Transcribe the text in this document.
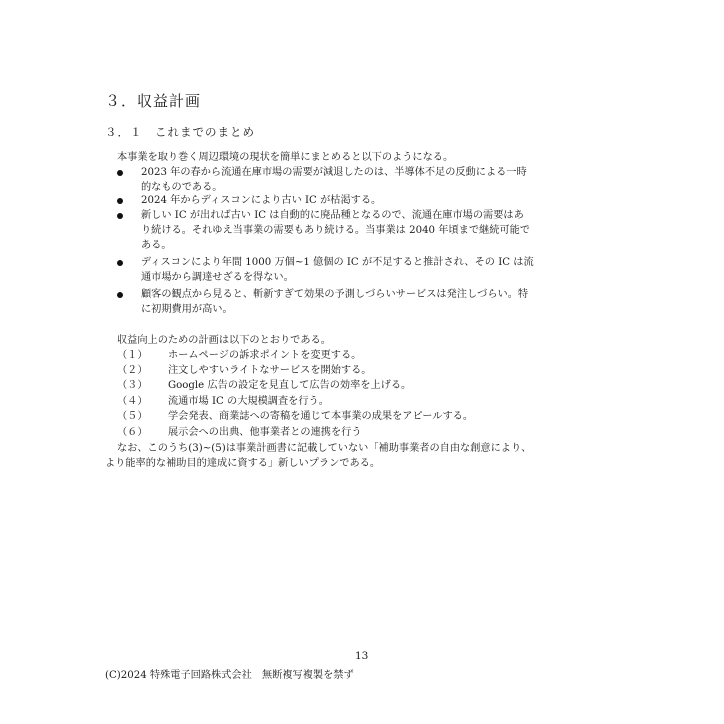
３．収益計画
３．１　これまでのまとめ
本事業を取り巻く周辺環境の現状を簡単にまとめると以下のようになる。
2023 年の春から流通在庫市場の需要が減退したのは、半導体不足の反動による一時
的なものである。
2024 年からディスコンにより古い IC が枯渇する。
新しい IC が出れば古い IC は自動的に廃品種となるので、流通在庫市場の需要はあ
り続ける。それゆえ当事業の需要もあり続ける。当事業は 2040 年頃まで継続可能で
ある。
ディスコンにより年間 1000 万個~1 億個の IC が不足すると推計され、その IC は流
通市場から調達せざるを得ない。
顧客の観点から見ると、斬新すぎて効果の予測しづらいサービスは発注しづらい。特
に初期費用が高い。
収益向上のための計画は以下のとおりである。
（１） ホームページの訴求ポイントを変更する。
（２） 注文しやすいライトなサービスを開始する。
（３） Google 広告の設定を見直して広告の効率を上げる。
（４） 流通市場 IC の大規模調査を行う。
（５） 学会発表、商業誌への寄稿を通じて本事業の成果をアピールする。
（６） 展示会への出典、他事業者との連携を行う
なお、このうち(3)~(5)は事業計画書に記載していない「補助事業者の自由な創意により、
より能率的な補助目的達成に資する」新しいプランである。
13
(C)2024 特殊電子回路株式会社　無断複写複製を禁ず
